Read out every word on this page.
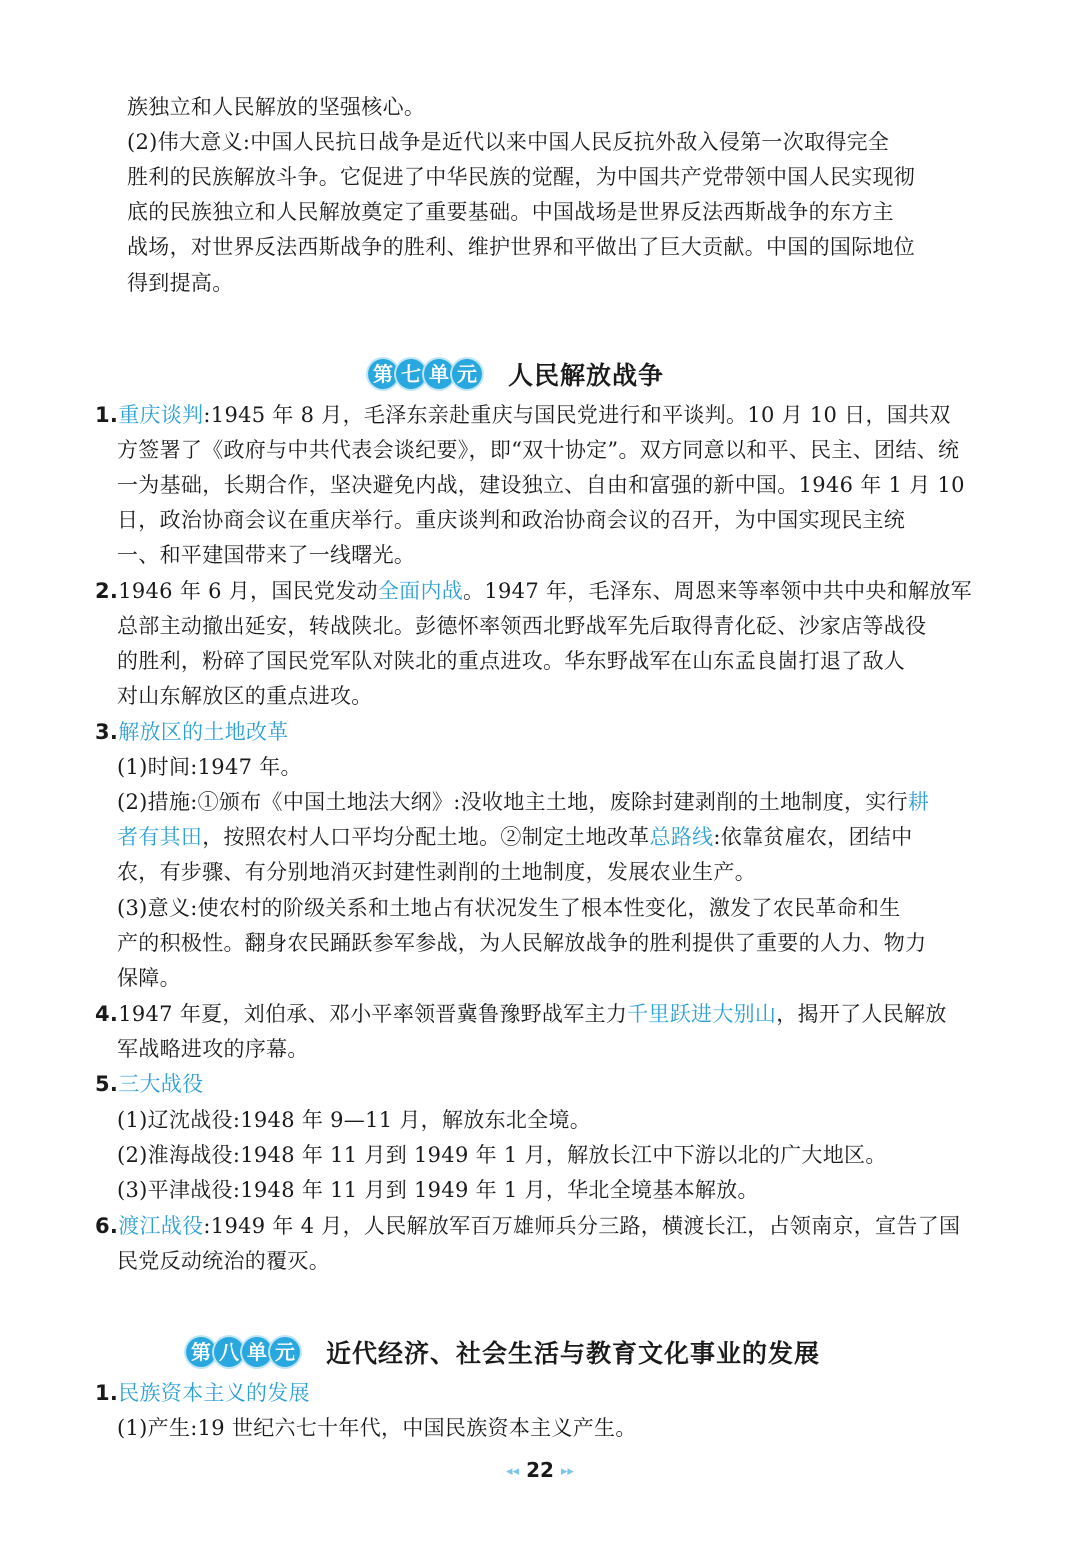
族独立和人民解放的坚强核心。
(2)伟大意义:中国人民抗日战争是近代以来中国人民反抗外敌入侵第一次取得完全
胜利的民族解放斗争。它促进了中华民族的觉醒，为中国共产党带领中国人民实现彻
底的民族独立和人民解放奠定了重要基础。中国战场是世界反法西斯战争的东方主
战场，对世界反法西斯战争的胜利、维护世界和平做出了巨大贡献。中国的国际地位
得到提高。
第 七 单 元 人民解放战争
1.重庆谈判:1945 年 8 月，毛泽东亲赴重庆与国民党进行和平谈判。10 月 10 日，国共双
方签署了《政府与中共代表会谈纪要》，即“双十协定”。双方同意以和平、民主、团结、统
一为基础，长期合作，坚决避免内战，建设独立、自由和富强的新中国。1946 年 1 月 10
日，政治协商会议在重庆举行。重庆谈判和政治协商会议的召开，为中国实现民主统
一、和平建国带来了一线曙光。
2.1946 年 6 月，国民党发动全面内战。1947 年，毛泽东、周恩来等率领中共中央和解放军
总部主动撤出延安，转战陕北。彭德怀率领西北野战军先后取得青化砭、沙家店等战役
的胜利，粉碎了国民党军队对陕北的重点进攻。华东野战军在山东孟良崮打退了敌人
对山东解放区的重点进攻。
3.解放区的土地改革
(1)时间:1947 年。
(2)措施:①颁布《中国土地法大纲》:没收地主土地，废除封建剥削的土地制度，实行耕
者有其田，按照农村人口平均分配土地。②制定土地改革总路线:依靠贫雇农，团结中
农，有步骤、有分别地消灭封建性剥削的土地制度，发展农业生产。
(3)意义:使农村的阶级关系和土地占有状况发生了根本性变化，激发了农民革命和生
产的积极性。翻身农民踊跃参军参战，为人民解放战争的胜利提供了重要的人力、物力
保障。
4.1947 年夏，刘伯承、邓小平率领晋冀鲁豫野战军主力千里跃进大别山，揭开了人民解放
军战略进攻的序幕。
5.三大战役
(1)辽沈战役:1948 年 9—11 月，解放东北全境。
(2)淮海战役:1948 年 11 月到 1949 年 1 月，解放长江中下游以北的广大地区。
(3)平津战役:1948 年 11 月到 1949 年 1 月，华北全境基本解放。
6.渡江战役:1949 年 4 月，人民解放军百万雄师兵分三路，横渡长江，占领南京，宣告了国
民党反动统治的覆灭。
第 八 单 元 近代经济、社会生活与教育文化事业的发展
1.民族资本主义的发展
(1)产生:19 世纪六七十年代，中国民族资本主义产生。
◂◂ 22 ▸▸
